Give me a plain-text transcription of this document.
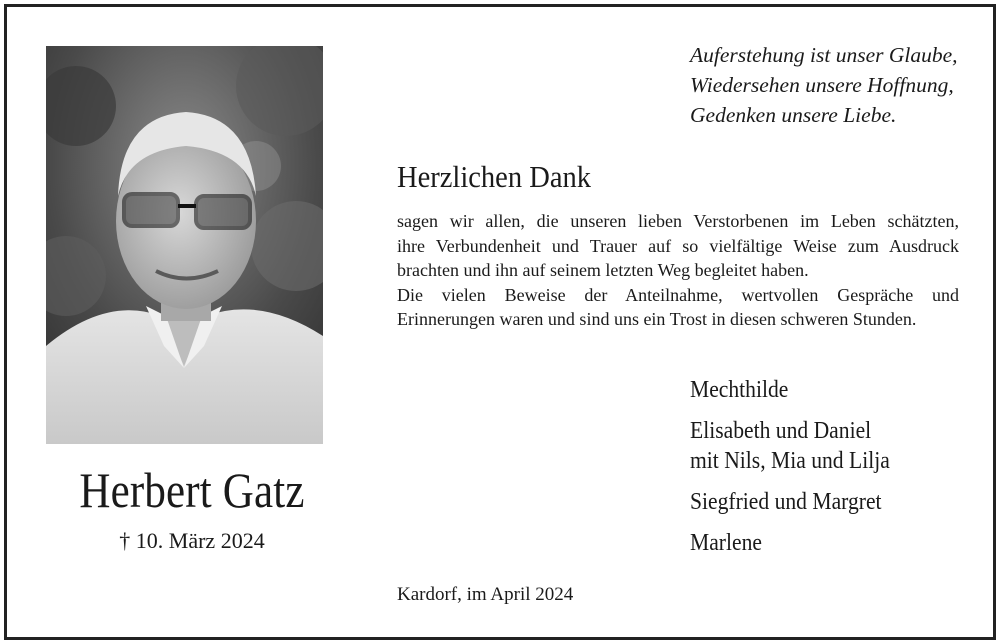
Herbert Gatz
† 10. März 2024
Auferstehung ist unser Glaube,
Wiedersehen unsere Hoffnung,
Gedenken unsere Liebe.
Herzlichen Dank
sagen wir allen, die unseren lieben Verstorbenen im Leben schätzten,
ihre Verbundenheit und Trauer auf so vielfältige Weise zum Ausdruck
brachten und ihn auf seinem letzten Weg begleitet haben.
Die vielen Beweise der Anteilnahme, wertvollen Gespräche und
Erinnerungen waren und sind uns ein Trost in diesen schweren Stunden.
Mechthilde
Elisabeth und Daniel
mit Nils, Mia und Lilja
Siegfried und Margret
Marlene
Kardorf, im April 2024
